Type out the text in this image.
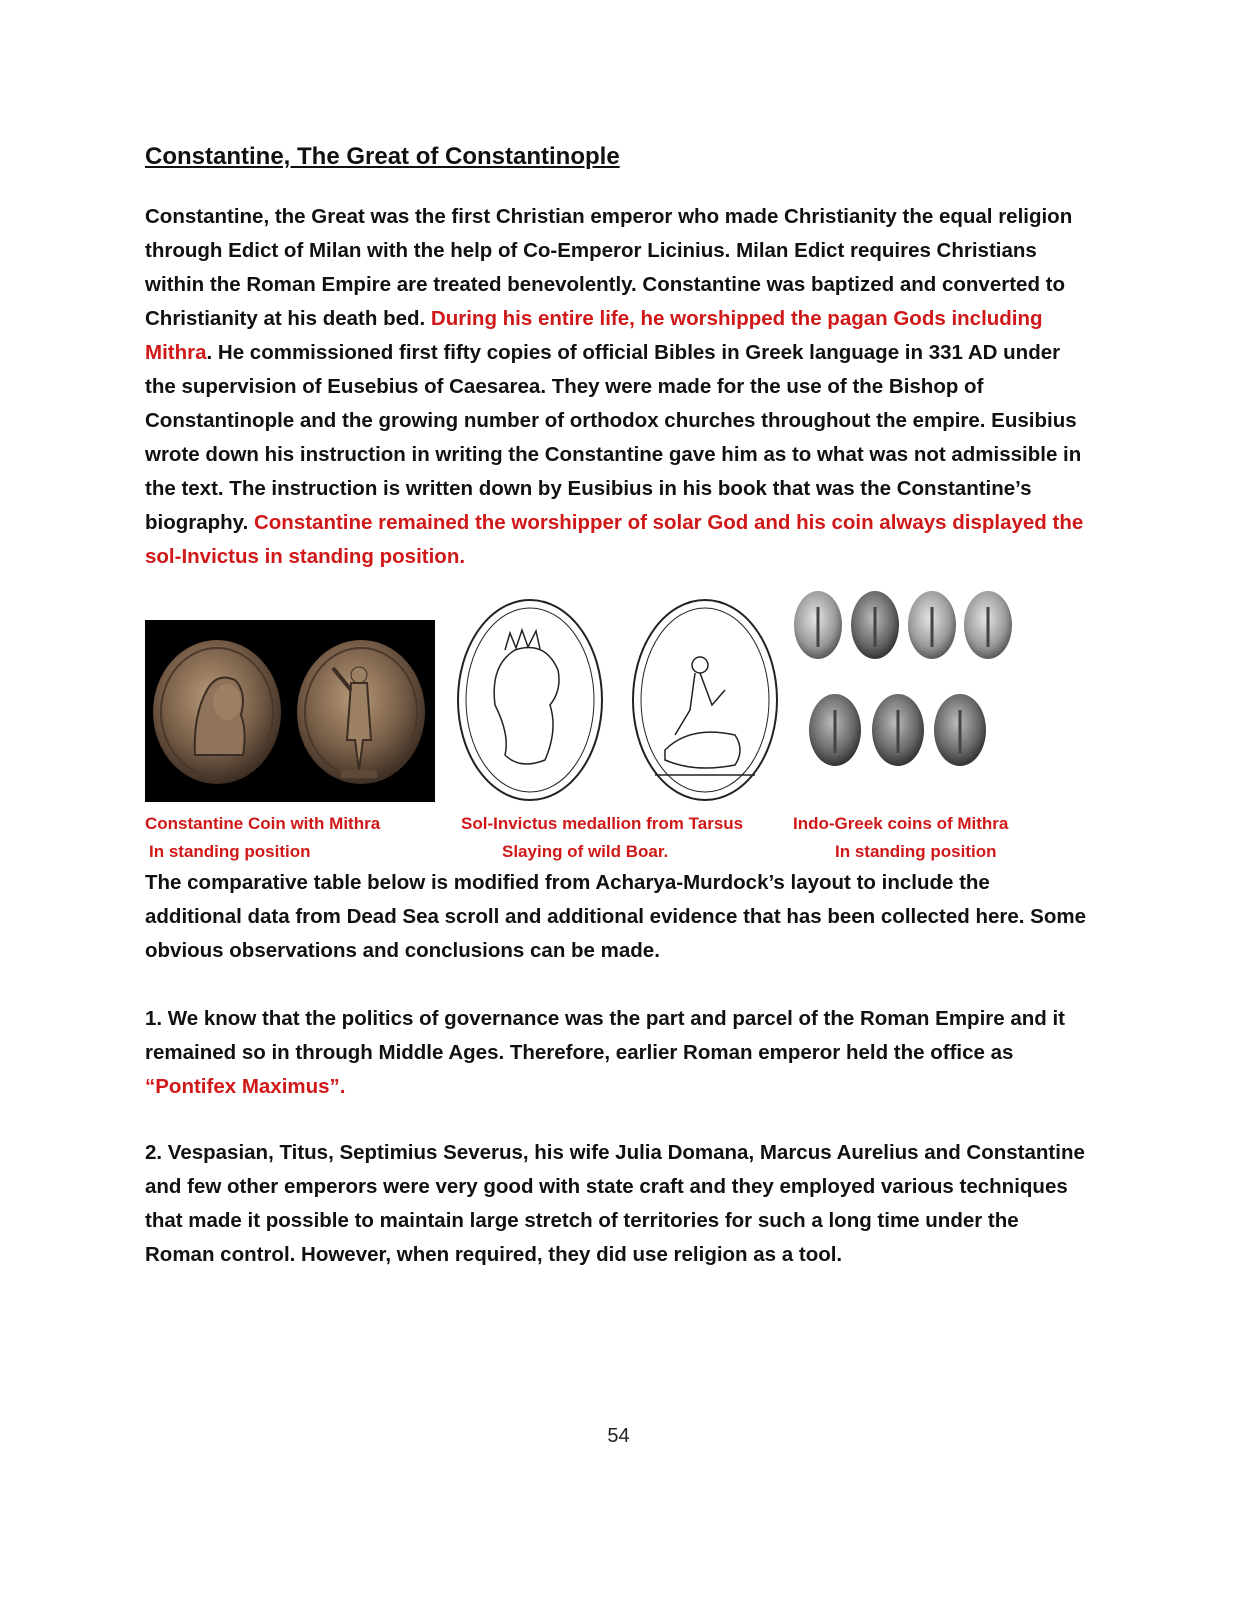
Constantine, The Great of Constantinople

Constantine, the Great was the first Christian emperor who made Christianity the equal religion through Edict of Milan with the help of Co-Emperor Licinius. Milan Edict requires Christians within the Roman Empire are treated benevolently. Constantine was baptized and converted to Christianity at his death bed. During his entire life, he worshipped the pagan Gods including Mithra. He commissioned first fifty copies of official Bibles in Greek language in 331 AD under the supervision of Eusebius of Caesarea. They were made for the use of the Bishop of Constantinople and the growing number of orthodox churches throughout the empire. Eusibius wrote down his instruction in writing the Constantine gave him as to what was not admissible in the text. The instruction is written down by Eusibius in his book that was the Constantine’s biography. Constantine remained the worshipper of solar God and his coin always displayed the sol-Invictus in standing position.

Constantine Coin with Mithra
In standing position
Sol-Invictus medallion from Tarsus
Slaying of wild Boar.
Indo-Greek coins of Mithra
In standing position

The comparative table below is modified from Acharya-Murdock’s layout to include the additional data from Dead Sea scroll and additional evidence that has been collected here. Some obvious observations and conclusions can be made.

1. We know that the politics of governance was the part and parcel of the Roman Empire and it remained so in through Middle Ages. Therefore, earlier Roman emperor held the office as “Pontifex Maximus”.

2. Vespasian, Titus, Septimius Severus, his wife Julia Domana, Marcus Aurelius and Constantine and few other emperors were very good with state craft and they employed various techniques that made it possible to maintain large stretch of territories for such a long time under the Roman control. However, when required, they did use religion as a tool.

54
